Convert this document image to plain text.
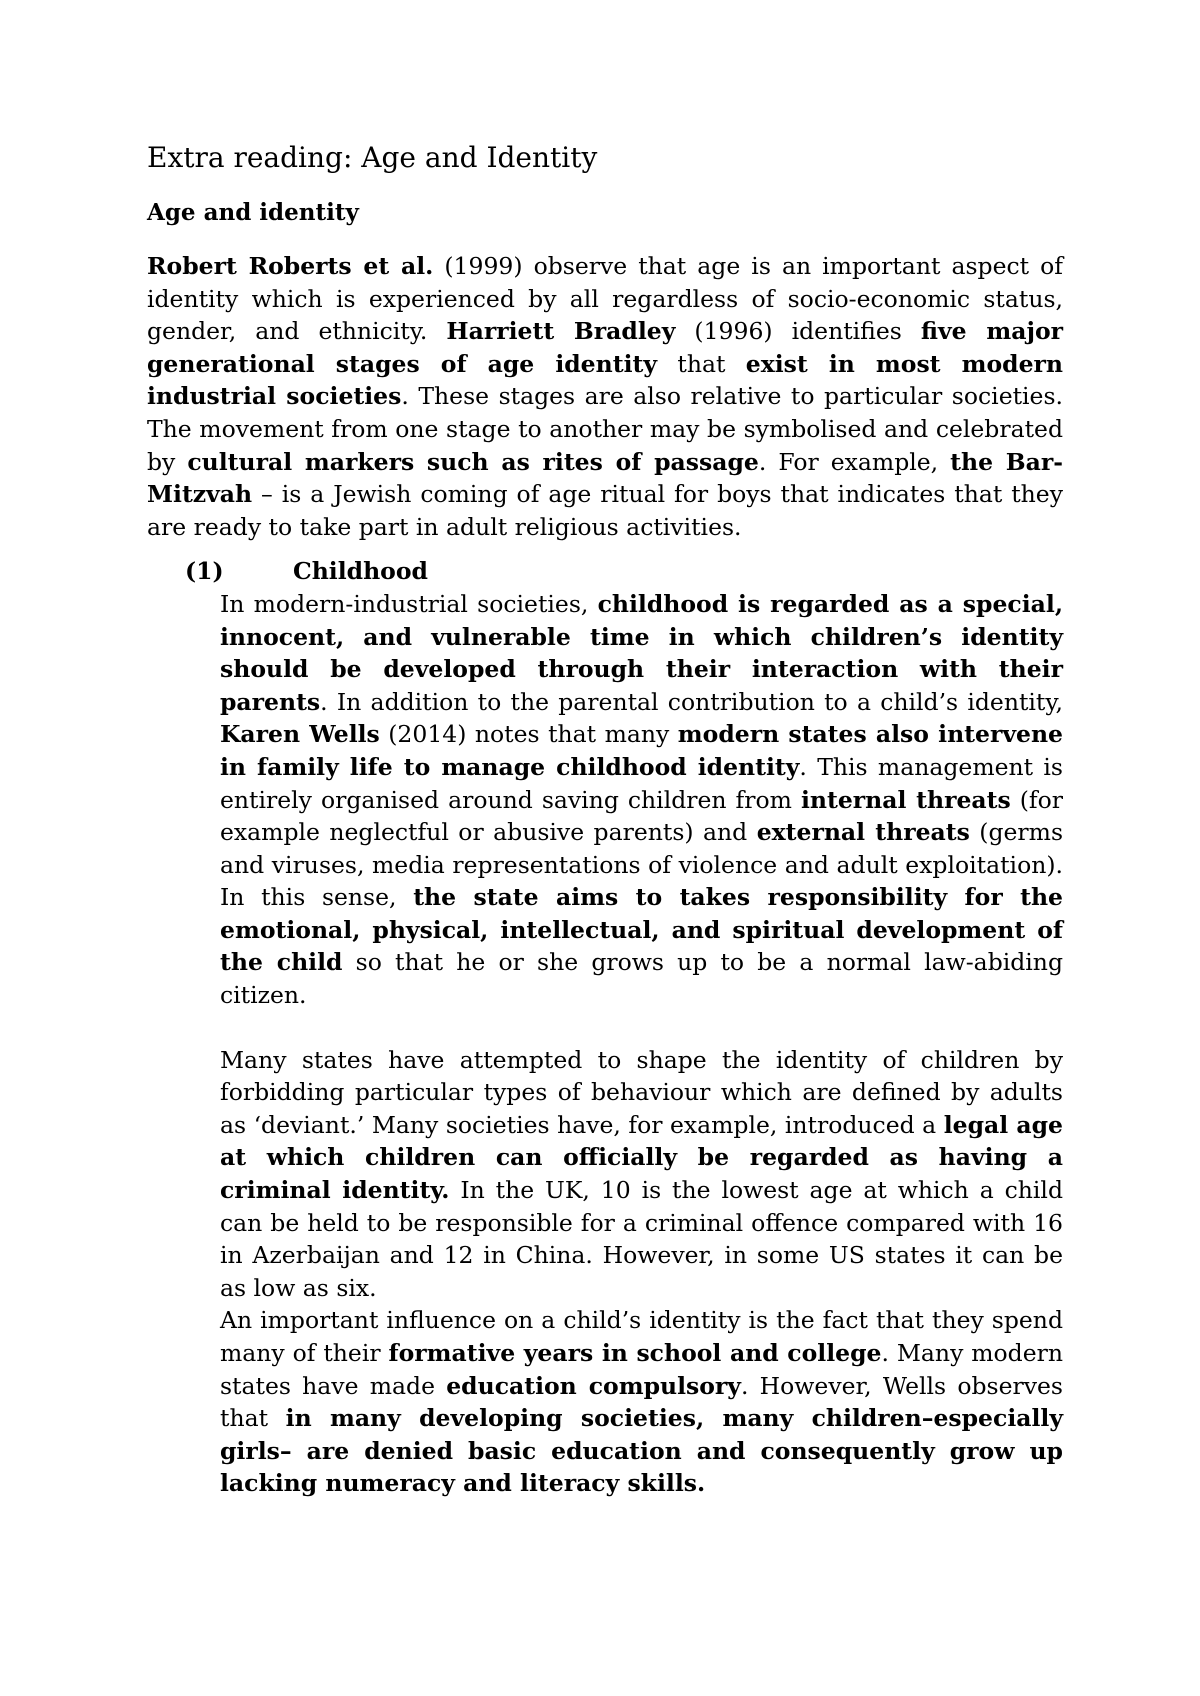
Extra reading: Age and Identity
Age and identity

Robert Roberts et al. (1999) observe that age is an important aspect of identity which is experienced by all regardless of socio-economic status, gender, and ethnicity. Harriett Bradley (1996) identifies five major generational stages of age identity that exist in most modern industrial societies. These stages are also relative to particular societies. The movement from one stage to another may be symbolised and celebrated by cultural markers such as rites of passage. For example, the Bar-Mitzvah – is a Jewish coming of age ritual for boys that indicates that they are ready to take part in adult religious activities.

(1)	Childhood

In modern-industrial societies, childhood is regarded as a special, innocent, and vulnerable time in which children’s identity should be developed through their interaction with their parents. In addition to the parental contribution to a child’s identity, Karen Wells (2014) notes that many modern states also intervene in family life to manage childhood identity. This management is entirely organised around saving children from internal threats (for example neglectful or abusive parents) and external threats (germs and viruses, media representations of violence and adult exploitation). In this sense, the state aims to takes responsibility for the emotional, physical, intellectual, and spiritual development of the child so that he or she grows up to be a normal law-abiding citizen.

Many states have attempted to shape the identity of children by forbidding particular types of behaviour which are defined by adults as ‘deviant.’ Many societies have, for example, introduced a legal age at which children can officially be regarded as having a criminal identity. In the UK, 10 is the lowest age at which a child can be held to be responsible for a criminal offence compared with 16 in Azerbaijan and 12 in China. However, in some US states it can be as low as six.

An important influence on a child’s identity is the fact that they spend many of their formative years in school and college. Many modern states have made education compulsory. However, Wells observes that in many developing societies, many children–especially girls– are denied basic education and consequently grow up lacking numeracy and literacy skills.
